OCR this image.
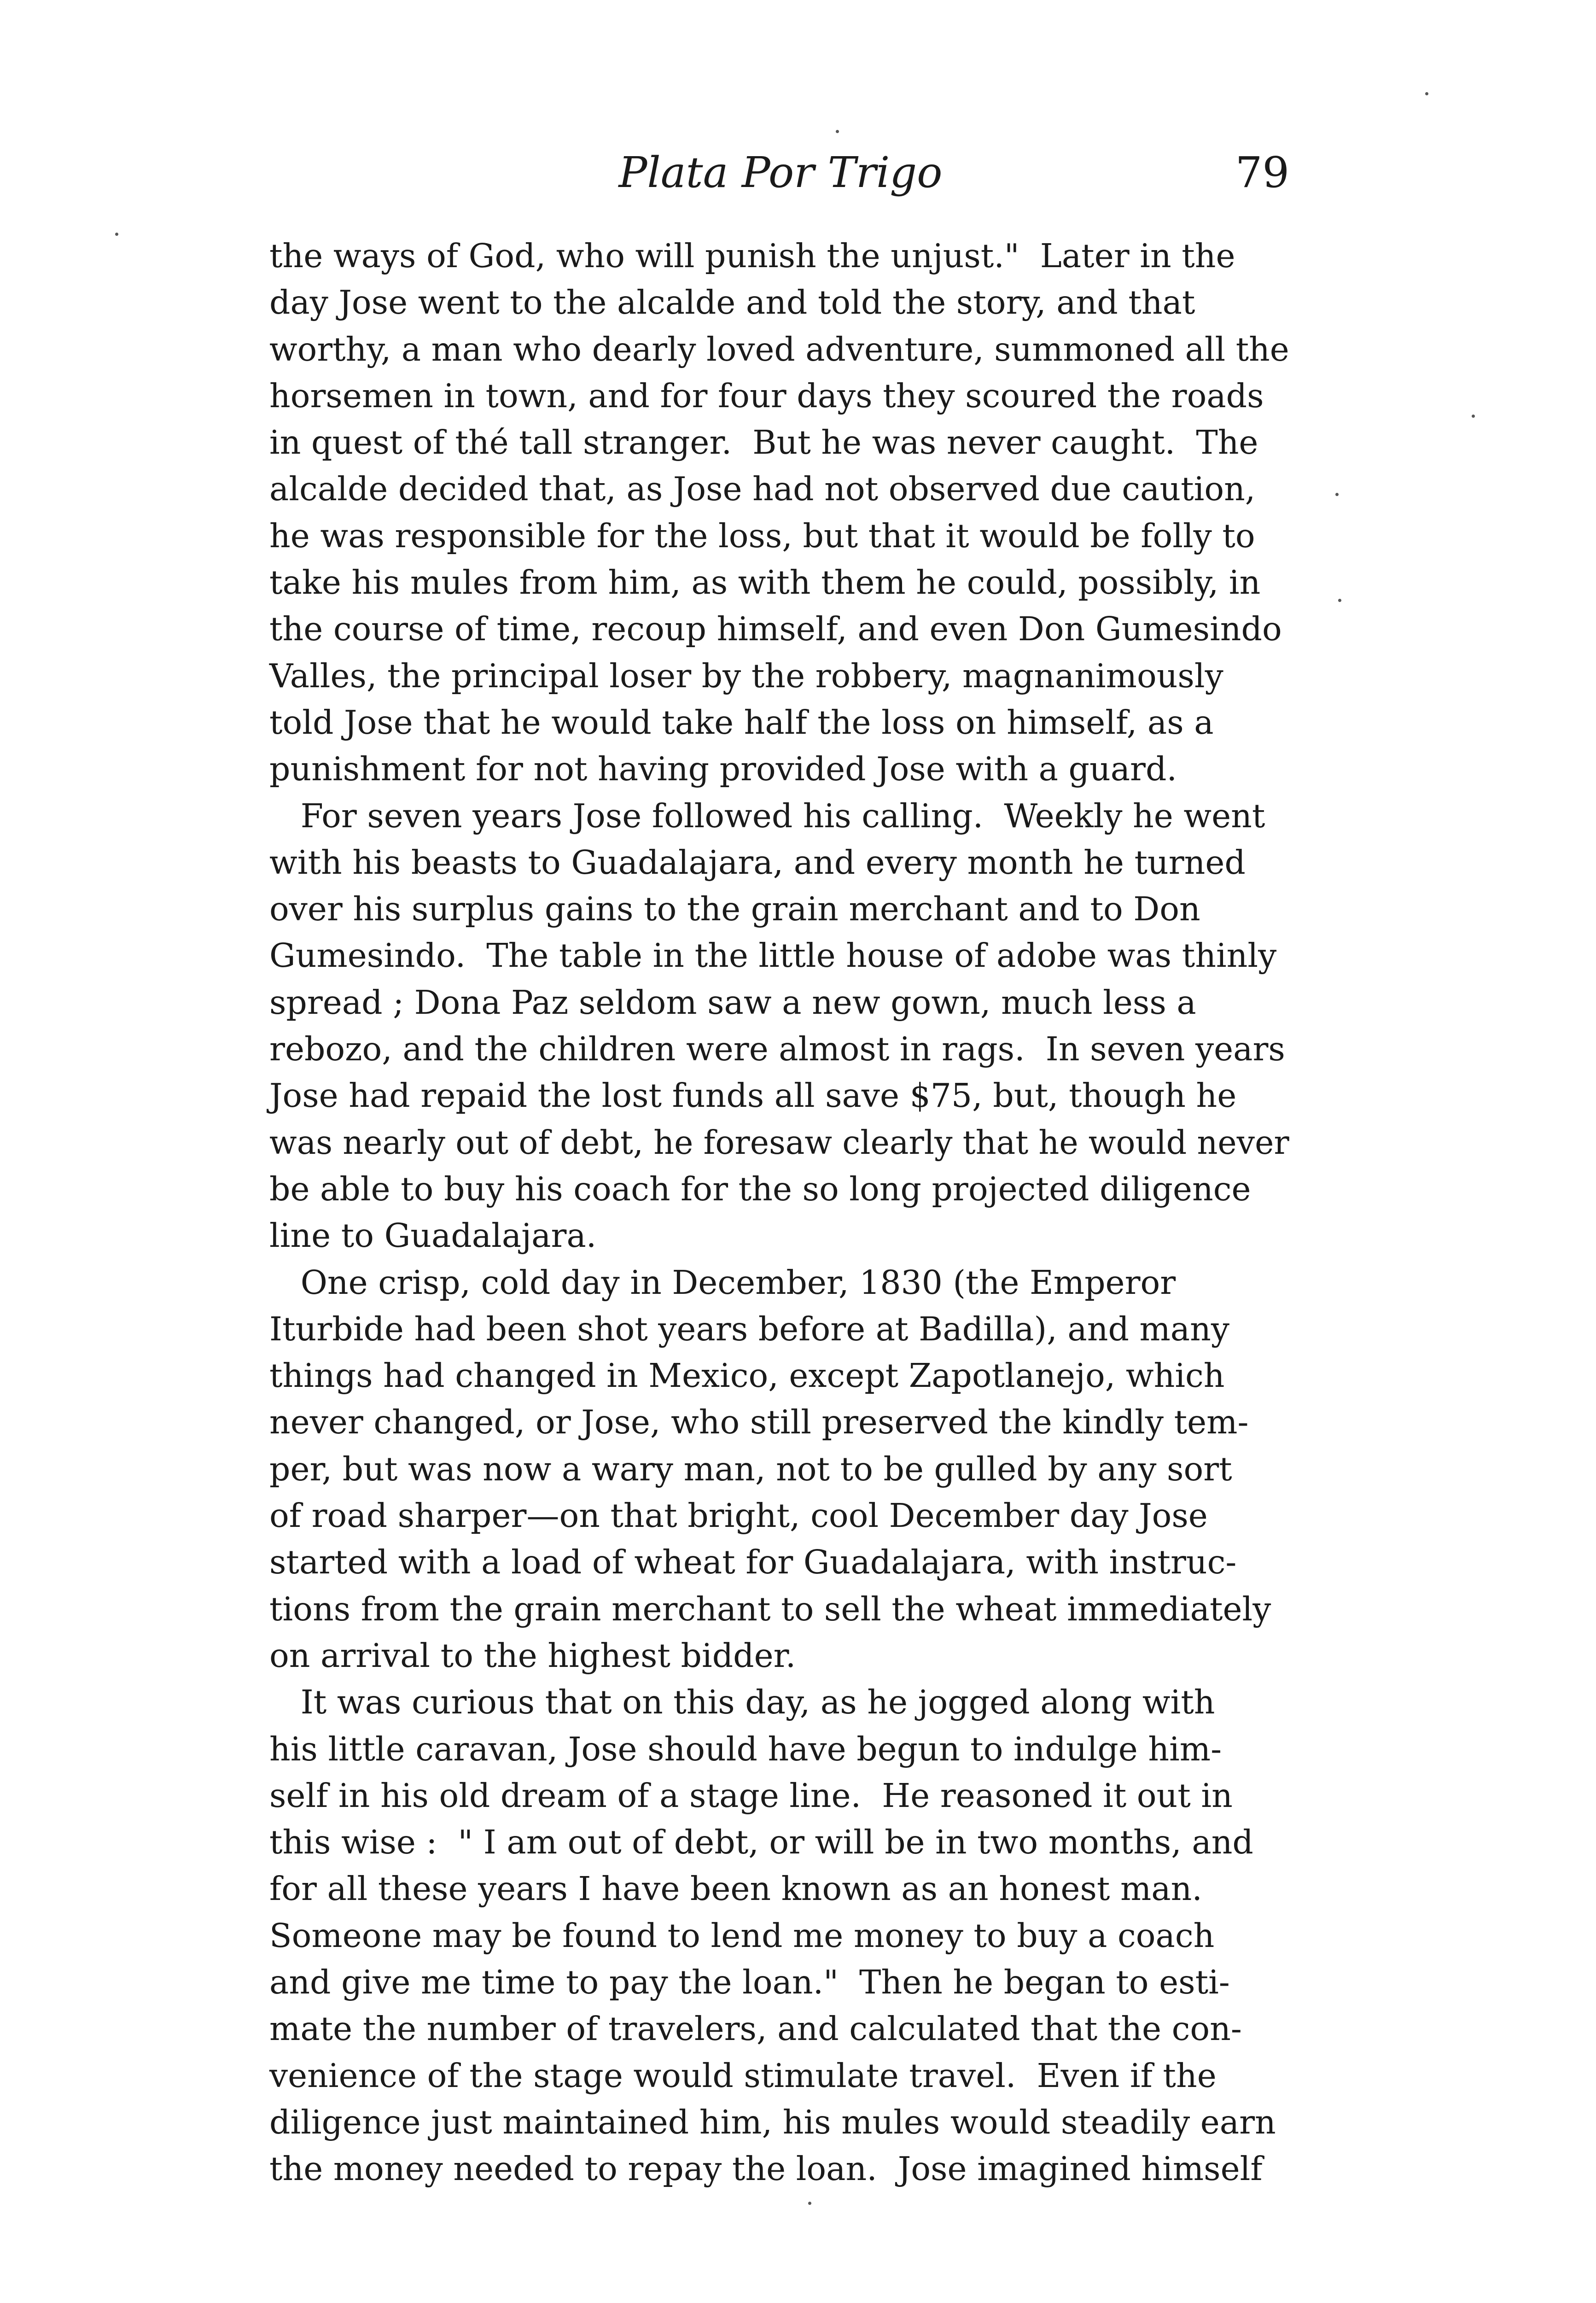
Plata Por Trigo	79
the ways of God, who will punish the unjust."  Later in the
day Jose went to the alcalde and told the story, and that
worthy, a man who dearly loved adventure, summoned all the
horsemen in town, and for four days they scoured the roads
in quest of thé tall stranger.  But he was never caught.  The
alcalde decided that, as Jose had not observed due caution,
he was responsible for the loss, but that it would be folly to
take his mules from him, as with them he could, possibly, in
the course of time, recoup himself, and even Don Gumesindo
Valles, the principal loser by the robbery, magnanimously
told Jose that he would take half the loss on himself, as a
punishment for not having provided Jose with a guard.
For seven years Jose followed his calling.  Weekly he went
with his beasts to Guadalajara, and every month he turned
over his surplus gains to the grain merchant and to Don
Gumesindo.  The table in the little house of adobe was thinly
spread ; Dona Paz seldom saw a new gown, much less a
rebozo, and the children were almost in rags.  In seven years
Jose had repaid the lost funds all save $75, but, though he
was nearly out of debt, he foresaw clearly that he would never
be able to buy his coach for the so long projected diligence
line to Guadalajara.
One crisp, cold day in December, 1830 (the Emperor
Iturbide had been shot years before at Badilla), and many
things had changed in Mexico, except Zapotlanejo, which
never changed, or Jose, who still preserved the kindly tem-
per, but was now a wary man, not to be gulled by any sort
of road sharper—on that bright, cool December day Jose
started with a load of wheat for Guadalajara, with instruc-
tions from the grain merchant to sell the wheat immediately
on arrival to the highest bidder.
It was curious that on this day, as he jogged along with
his little caravan, Jose should have begun to indulge him-
self in his old dream of a stage line.  He reasoned it out in
this wise :  " I am out of debt, or will be in two months, and
for all these years I have been known as an honest man.
Someone may be found to lend me money to buy a coach
and give me time to pay the loan."  Then he began to esti-
mate the number of travelers, and calculated that the con-
venience of the stage would stimulate travel.  Even if the
diligence just maintained him, his mules would steadily earn
the money needed to repay the loan.  Jose imagined himself
